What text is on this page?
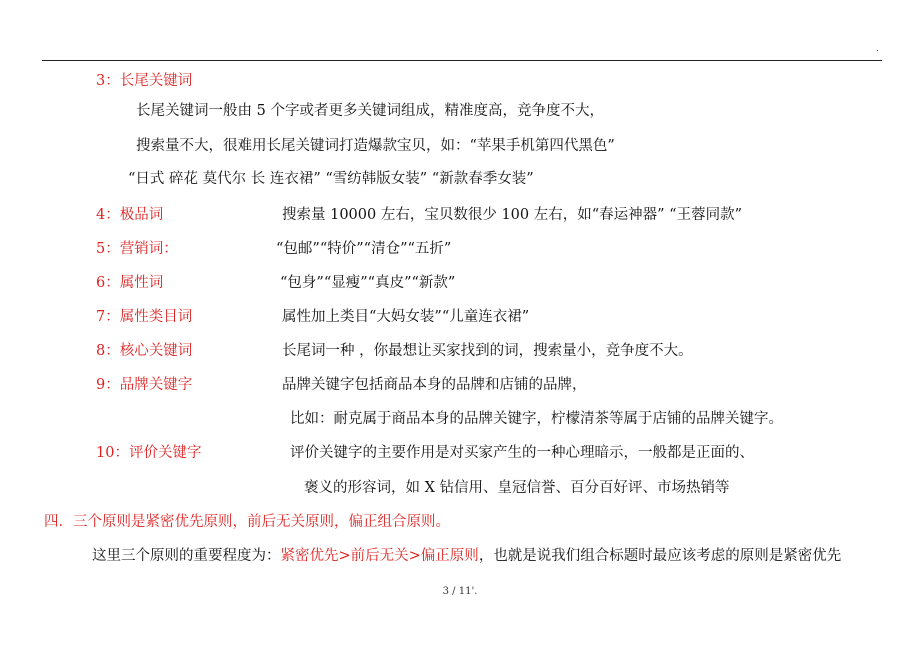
.
3：长尾关键词
长尾关键词一般由 5 个字或者更多关键词组成，精准度高，竞争度不大，
搜索量不大，很难用长尾关键词打造爆款宝贝，如：“苹果手机第四代黑色”
“日式 碎花 莫代尔 长 连衣裙” “雪纺韩版女装” “新款春季女装”
4：极品词	搜索量 10000 左右，宝贝数很少 100 左右，如“春运神器” “王蓉同款”
5：营销词：	“包邮”“特价”“清仓”“五折”
6：属性词	“包身”“显瘦”“真皮”“新款”
7：属性类目词	属性加上类目“大妈女装”“儿童连衣裙”
8：核心关键词	长尾词一种 ，你最想让买家找到的词，搜索量小，竞争度不大。
9：品牌关键字	品牌关键字包括商品本身的品牌和店铺的品牌，
比如：耐克属于商品本身的品牌关键字，柠檬清茶等属于店铺的品牌关键字。
10：评价关键字	评价关键字的主要作用是对买家产生的一种心理暗示，一般都是正面的、
褒义的形容词，如 X 钻信用、皇冠信誉、百分百好评、市场热销等
四．三个原则是紧密优先原则，前后无关原则，偏正组合原则。
这里三个原则的重要程度为：紧密优先>前后无关>偏正原则，也就是说我们组合标题时最应该考虑的原则是紧密优先
3 / 11'.
